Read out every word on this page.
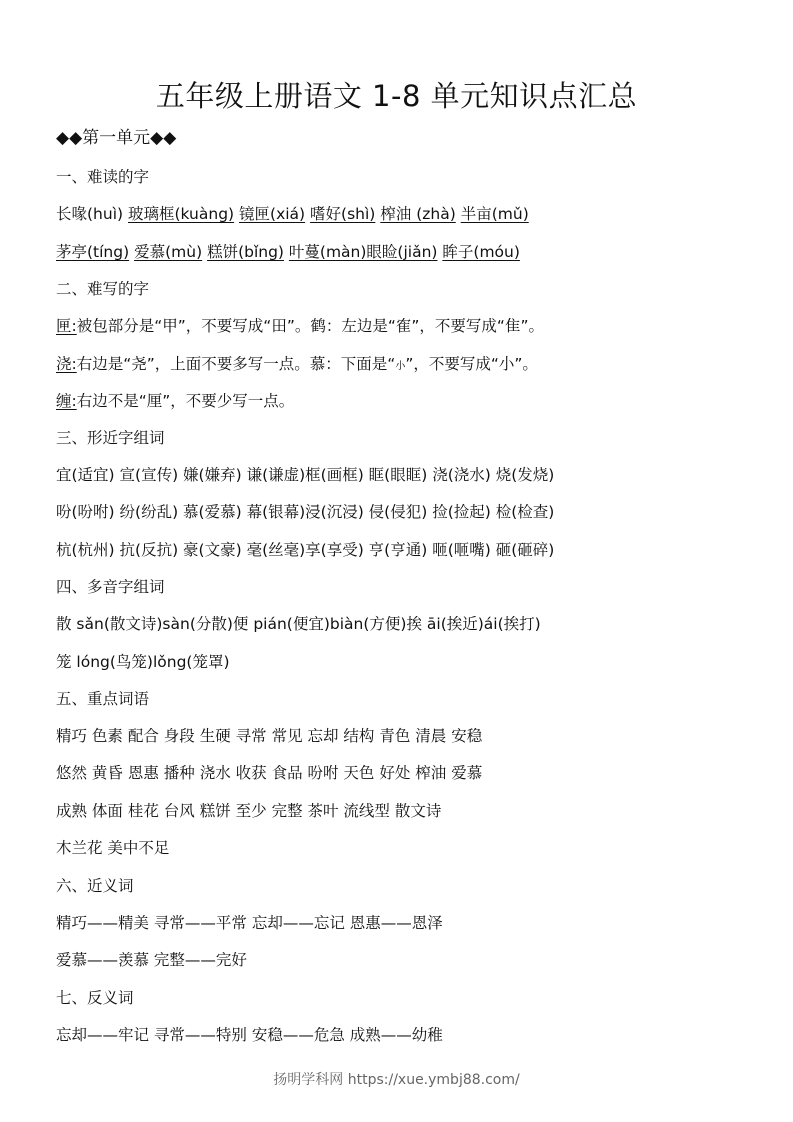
五年级上册语文 1-8 单元知识点汇总
◆◆第一单元◆◆
一、难读的字
长喙(huì) 玻璃框(kuàng) 镜匣(xiá) 嗜好(shì) 榨油 (zhà) 半亩(mǔ)
茅亭(tíng) 爱慕(mù) 糕饼(bǐng) 叶蔓(màn)眼睑(jiǎn) 眸子(móu)
二、难写的字
匣:被包部分是“甲”，不要写成“田”。鹤：左边是“隺”，不要写成“隹”。
浇:右边是“尧”，上面不要多写一点。慕：下面是“小”，不要写成“小”。
缠:右边不是“厘”，不要少写一点。
三、形近字组词
宜(适宜) 宣(宣传) 嫌(嫌弃) 谦(谦虚)框(画框) 眶(眼眶) 浇(浇水) 烧(发烧)
吩(吩咐) 纷(纷乱) 慕(爱慕) 幕(银幕)浸(沉浸) 侵(侵犯) 捡(捡起) 检(检查)
杭(杭州) 抗(反抗) 豪(文豪) 毫(丝毫)享(享受) 亨(亨通) 咂(咂嘴) 砸(砸碎)
四、多音字组词
散 sǎn(散文诗)sàn(分散)便 pián(便宜)biàn(方便)挨 āi(挨近)ái(挨打)
笼 lóng(鸟笼)lǒng(笼罩)
五、重点词语
精巧 色素 配合 身段 生硬 寻常 常见 忘却 结构 青色 清晨 安稳
悠然 黄昏 恩惠 播种 浇水 收获 食品 吩咐 天色 好处 榨油 爱慕
成熟 体面 桂花 台风 糕饼 至少 完整 茶叶 流线型 散文诗
木兰花 美中不足
六、近义词
精巧——精美 寻常——平常 忘却——忘记 恩惠——恩泽
爱慕——羡慕 完整——完好
七、反义词
忘却——牢记 寻常——特别 安稳——危急 成熟——幼稚
扬明学科网 https://xue.ymbj88.com/
